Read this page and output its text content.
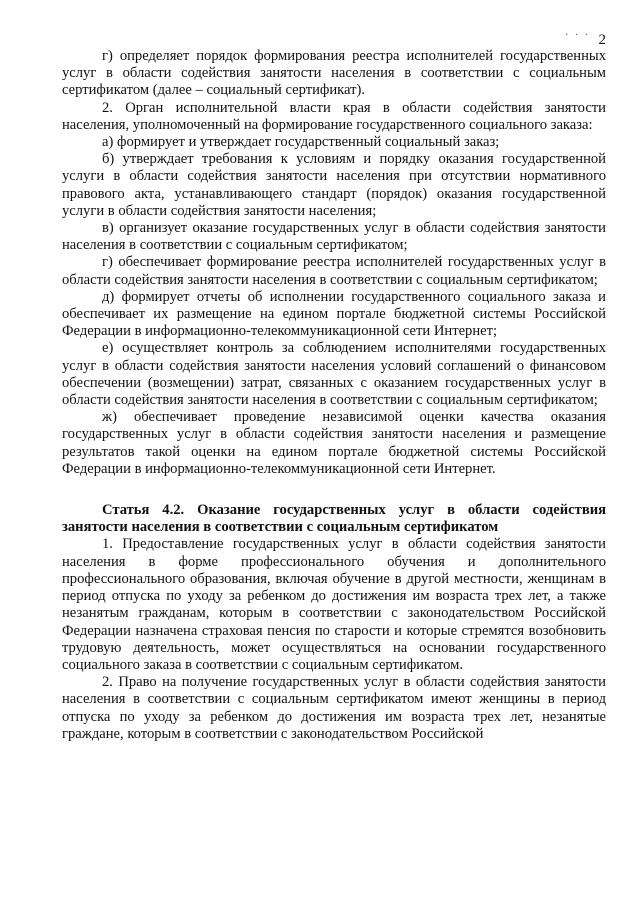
· · · 2

г) определяет порядок формирования реестра исполнителей государственных услуг в области содействия занятости населения в соответствии с социальным сертификатом (далее – социальный сертификат).

2. Орган исполнительной власти края в области содействия занятости населения, уполномоченный на формирование государственного социального заказа:

а) формирует и утверждает государственный социальный заказ;

б) утверждает требования к условиям и порядку оказания государственной услуги в области содействия занятости населения при отсутствии нормативного правового акта, устанавливающего стандарт (порядок) оказания государственной услуги в области содействия занятости населения;

в) организует оказание государственных услуг в области содействия занятости населения в соответствии с социальным сертификатом;

г) обеспечивает формирование реестра исполнителей государственных услуг в области содействия занятости населения в соответствии с социальным сертификатом;

д) формирует отчеты об исполнении государственного социального заказа и обеспечивает их размещение на едином портале бюджетной системы Российской Федерации в информационно-телекоммуникационной сети Интернет;

е) осуществляет контроль за соблюдением исполнителями государственных услуг в области содействия занятости населения условий соглашений о финансовом обеспечении (возмещении) затрат, связанных с оказанием государственных услуг в области содействия занятости населения в соответствии с социальным сертификатом;

ж) обеспечивает проведение независимой оценки качества оказания государственных услуг в области содействия занятости населения и размещение результатов такой оценки на едином портале бюджетной системы Российской Федерации в информационно-телекоммуникационной сети Интернет.

Статья 4.2. Оказание государственных услуг в области содействия занятости населения в соответствии с социальным сертификатом

1. Предоставление государственных услуг в области содействия занятости населения в форме профессионального обучения и дополнительного профессионального образования, включая обучение в другой местности, женщинам в период отпуска по уходу за ребенком до достижения им возраста трех лет, а также незанятым гражданам, которым в соответствии с законодательством Российской Федерации назначена страховая пенсия по старости и которые стремятся возобновить трудовую деятельность, может осуществляться на основании государственного социального заказа в соответствии с социальным сертификатом.

2. Право на получение государственных услуг в области содействия занятости населения в соответствии с социальным сертификатом имеют женщины в период отпуска по уходу за ребенком до достижения им возраста трех лет, незанятые граждане, которым в соответствии с законодательством Российской
